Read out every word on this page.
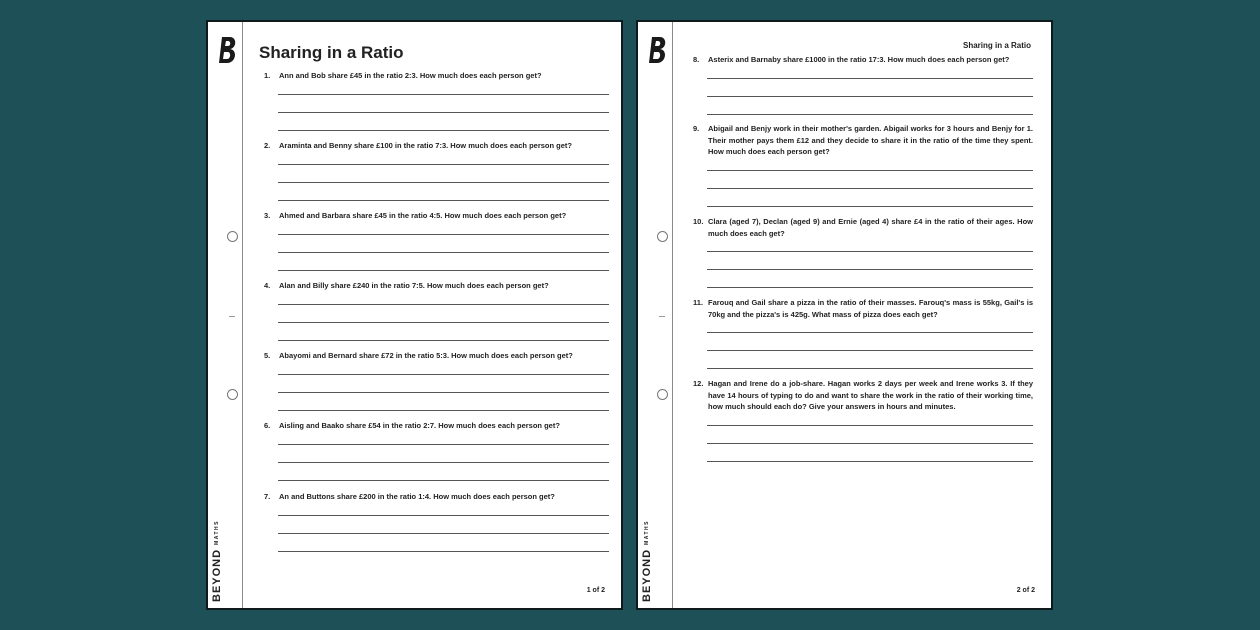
BEYOND
MATHS
Sharing in a Ratio
1.	Ann and Bob share £45 in the ratio 2:3. How much does each person get?
2.	Araminta and Benny share £100 in the ratio 7:3. How much does each person get?
3.	Ahmed and Barbara share £45 in the ratio 4:5. How much does each person get?
4.	Alan and Billy share £240 in the ratio 7:5. How much does each person get?
5.	Abayomi and Bernard share £72 in the ratio 5:3. How much does each person get?
6.	Aisling and Baako share £54 in the ratio 2:7. How much does each person get?
7.	An and Buttons share £200 in the ratio 1:4. How much does each person get?
1 of 2	BEYOND
MATHS
Sharing in a Ratio
8.	Asterix and Barnaby share £1000 in the ratio 17:3. How much does each person get?
9.	Abigail and Benjy work in their mother's garden. Abigail works for 3 hours and Benjy for 1. Their mother pays them £12 and they decide to share it in the ratio of the time they spent. How much does each person get?
10. Clara (aged 7), Declan (aged 9) and Ernie (aged 4) share £4 in the ratio of their ages. How much does each get?
11. Farouq and Gail share a pizza in the ratio of their masses. Farouq's mass is 55kg, Gail's is 70kg and the pizza's is 425g. What mass of pizza does each get?
12. Hagan and Irene do a job-share. Hagan works 2 days per week and Irene works 3. If they have 14 hours of typing to do and want to share the work in the ratio of their working time, how much should each do? Give your answers in hours and minutes.
2 of 2
